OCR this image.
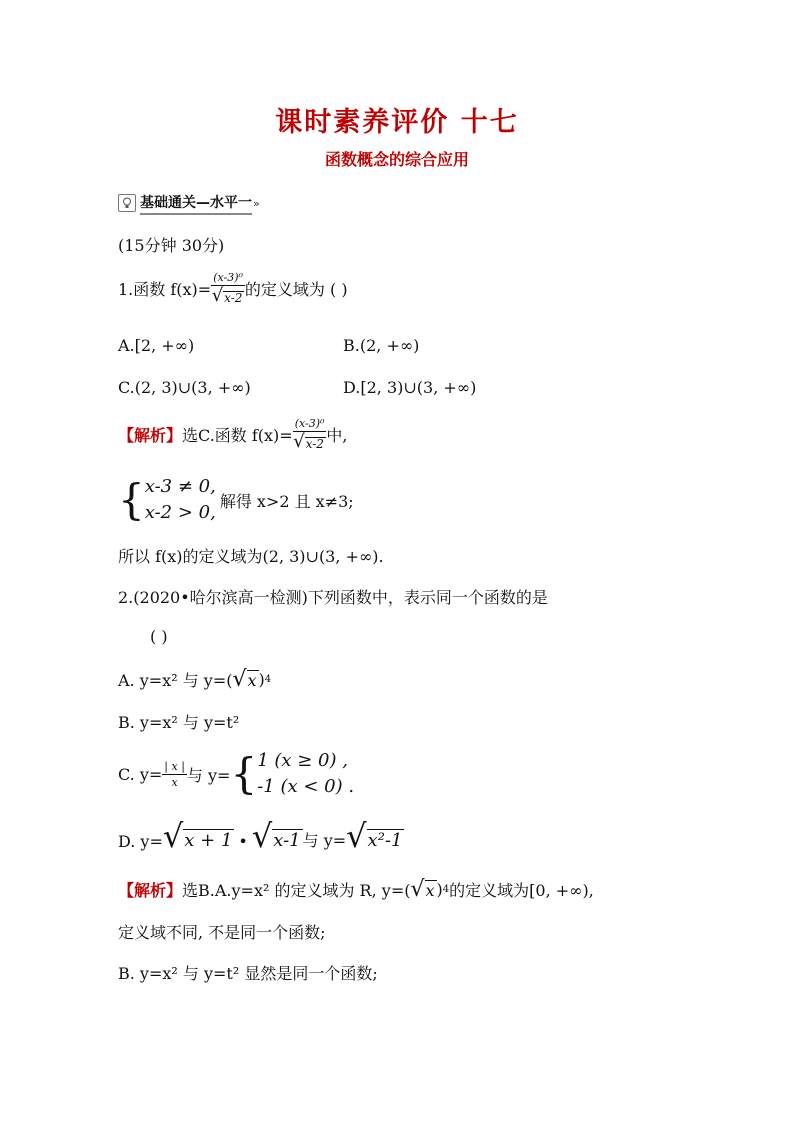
课时素养评价 十七
函数概念的综合应用
基础通关—水平一 »
(15分钟 30分)
1.函数 $f(x)= \frac{\text{(x-3)⁰}}{√ x-2}$ 的定义域为 ( )
A.[2, +∞)	B.(2, +∞)
C.(2, 3)∪(3, +∞)	D.[2, 3)∪(3, +∞)
【解析】 选C.函数 $f(x)= \frac{\text{(x-3)⁰}}{√ x-2}$ 中,
{ x-3 ≠ 0,
x-2 > 0,
解得 x>2 且 x≠3;
所以 f(x)的定义域为(2, 3)∪(3, +∞).
2.(2020•哈尔滨高一检测)下列函数中，表示同一个函数的是
( )
A. y=x² 与 y=( √ x ) 4
B. y=x² 与 y=t²
C. $y= \frac{| x |}{x}$ 与 y= { 1 (x ≥ 0) ,
-1 (x < 0) .
D. y= √ x + 1 • √ x-1 与 y= √ x²-1
【解析】 选B.A.y=x² 的定义域为 R, y=( √ x ) 4 的定义域为[0, +∞),
定义域不同, 不是同一个函数;
B. y=x² 与 y=t² 显然是同一个函数;
